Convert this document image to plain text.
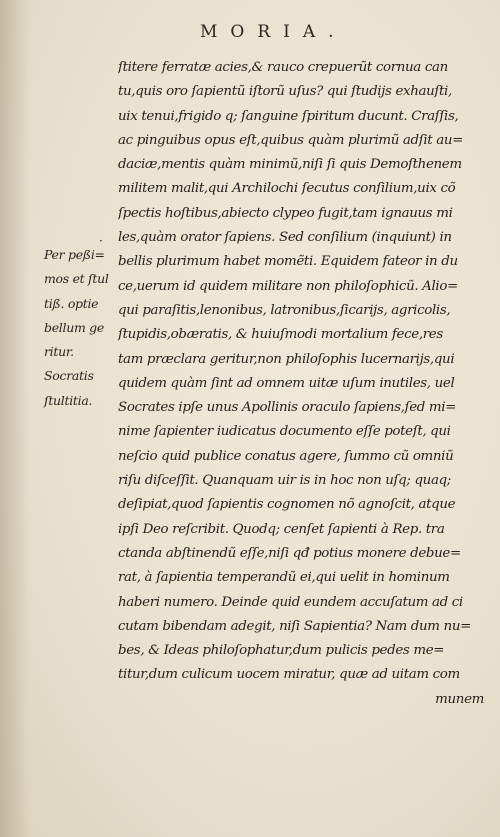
MORIA.
ſtitere ferratæ acies,& rauco crepuerũt cornua can
tu,quis oro ſapientũ iſtorũ uſus? qui ſtudijs exhauſti,
uix tenui,frigido q; ſanguine ſpiritum ducunt. Craſſis,
ac pinguibus opus eſt,quibus quàm plurimũ adſit au=
daciæ,mentis quàm minimũ,niſi ſi quis Demoſthenem
militem malit,qui Archilochi ſecutus conſilium,uix cõ
ſpectis hoſtibus,abiecto clypeo fugit,tam ignauus mi
les,quàm orator ſapiens. Sed conſilium (inquiunt) in
bellis plurimum habet momẽti. Equidem fateor in du
ce,uerum id quidem militare non philoſophicũ. Alio=
qui paraſitis,lenonibus, latronibus,ſicarijs, agricolis,
ſtupidis,obæratis, & huiuſmodi mortalium fece,res
tam præclara geritur,non philoſophis lucernarijs,qui
quidem quàm ſint ad omnem uitæ uſum inutiles, uel
Socrates ipſe unus Apollinis oraculo ſapiens,ſed mi=
nime ſapienter iudicatus documento eſſe poteſt, qui
neſcio quid publice conatus agere, ſummo cũ omniũ
riſu diſceſſit. Quanquam uir is in hoc non uſq; quaq;
deſipiat,quod ſapientis cognomen nõ agnoſcit, atque
ipſi Deo reſcribit. Quodq; cenſet ſapienti à Rep. tra
ctanda abſtinendũ eſſe,niſi qđ potius monere debue=
rat, à ſapientia temperandũ ei,qui uelit in hominum
haberi numero. Deinde quid eundem accuſatum ad ci
cutam bibendam adegit, niſi Sapientia? Nam dum nu=
bes, & Ideas philoſophatur,dum pulicis pedes me=
titur,dum culicum uocem miratur, quæ ad uitam com
munem
·
Per peßi=
mos et ſtul
tiß. optie
bellum ge
ritur.
Socratis
ſtultitia.
